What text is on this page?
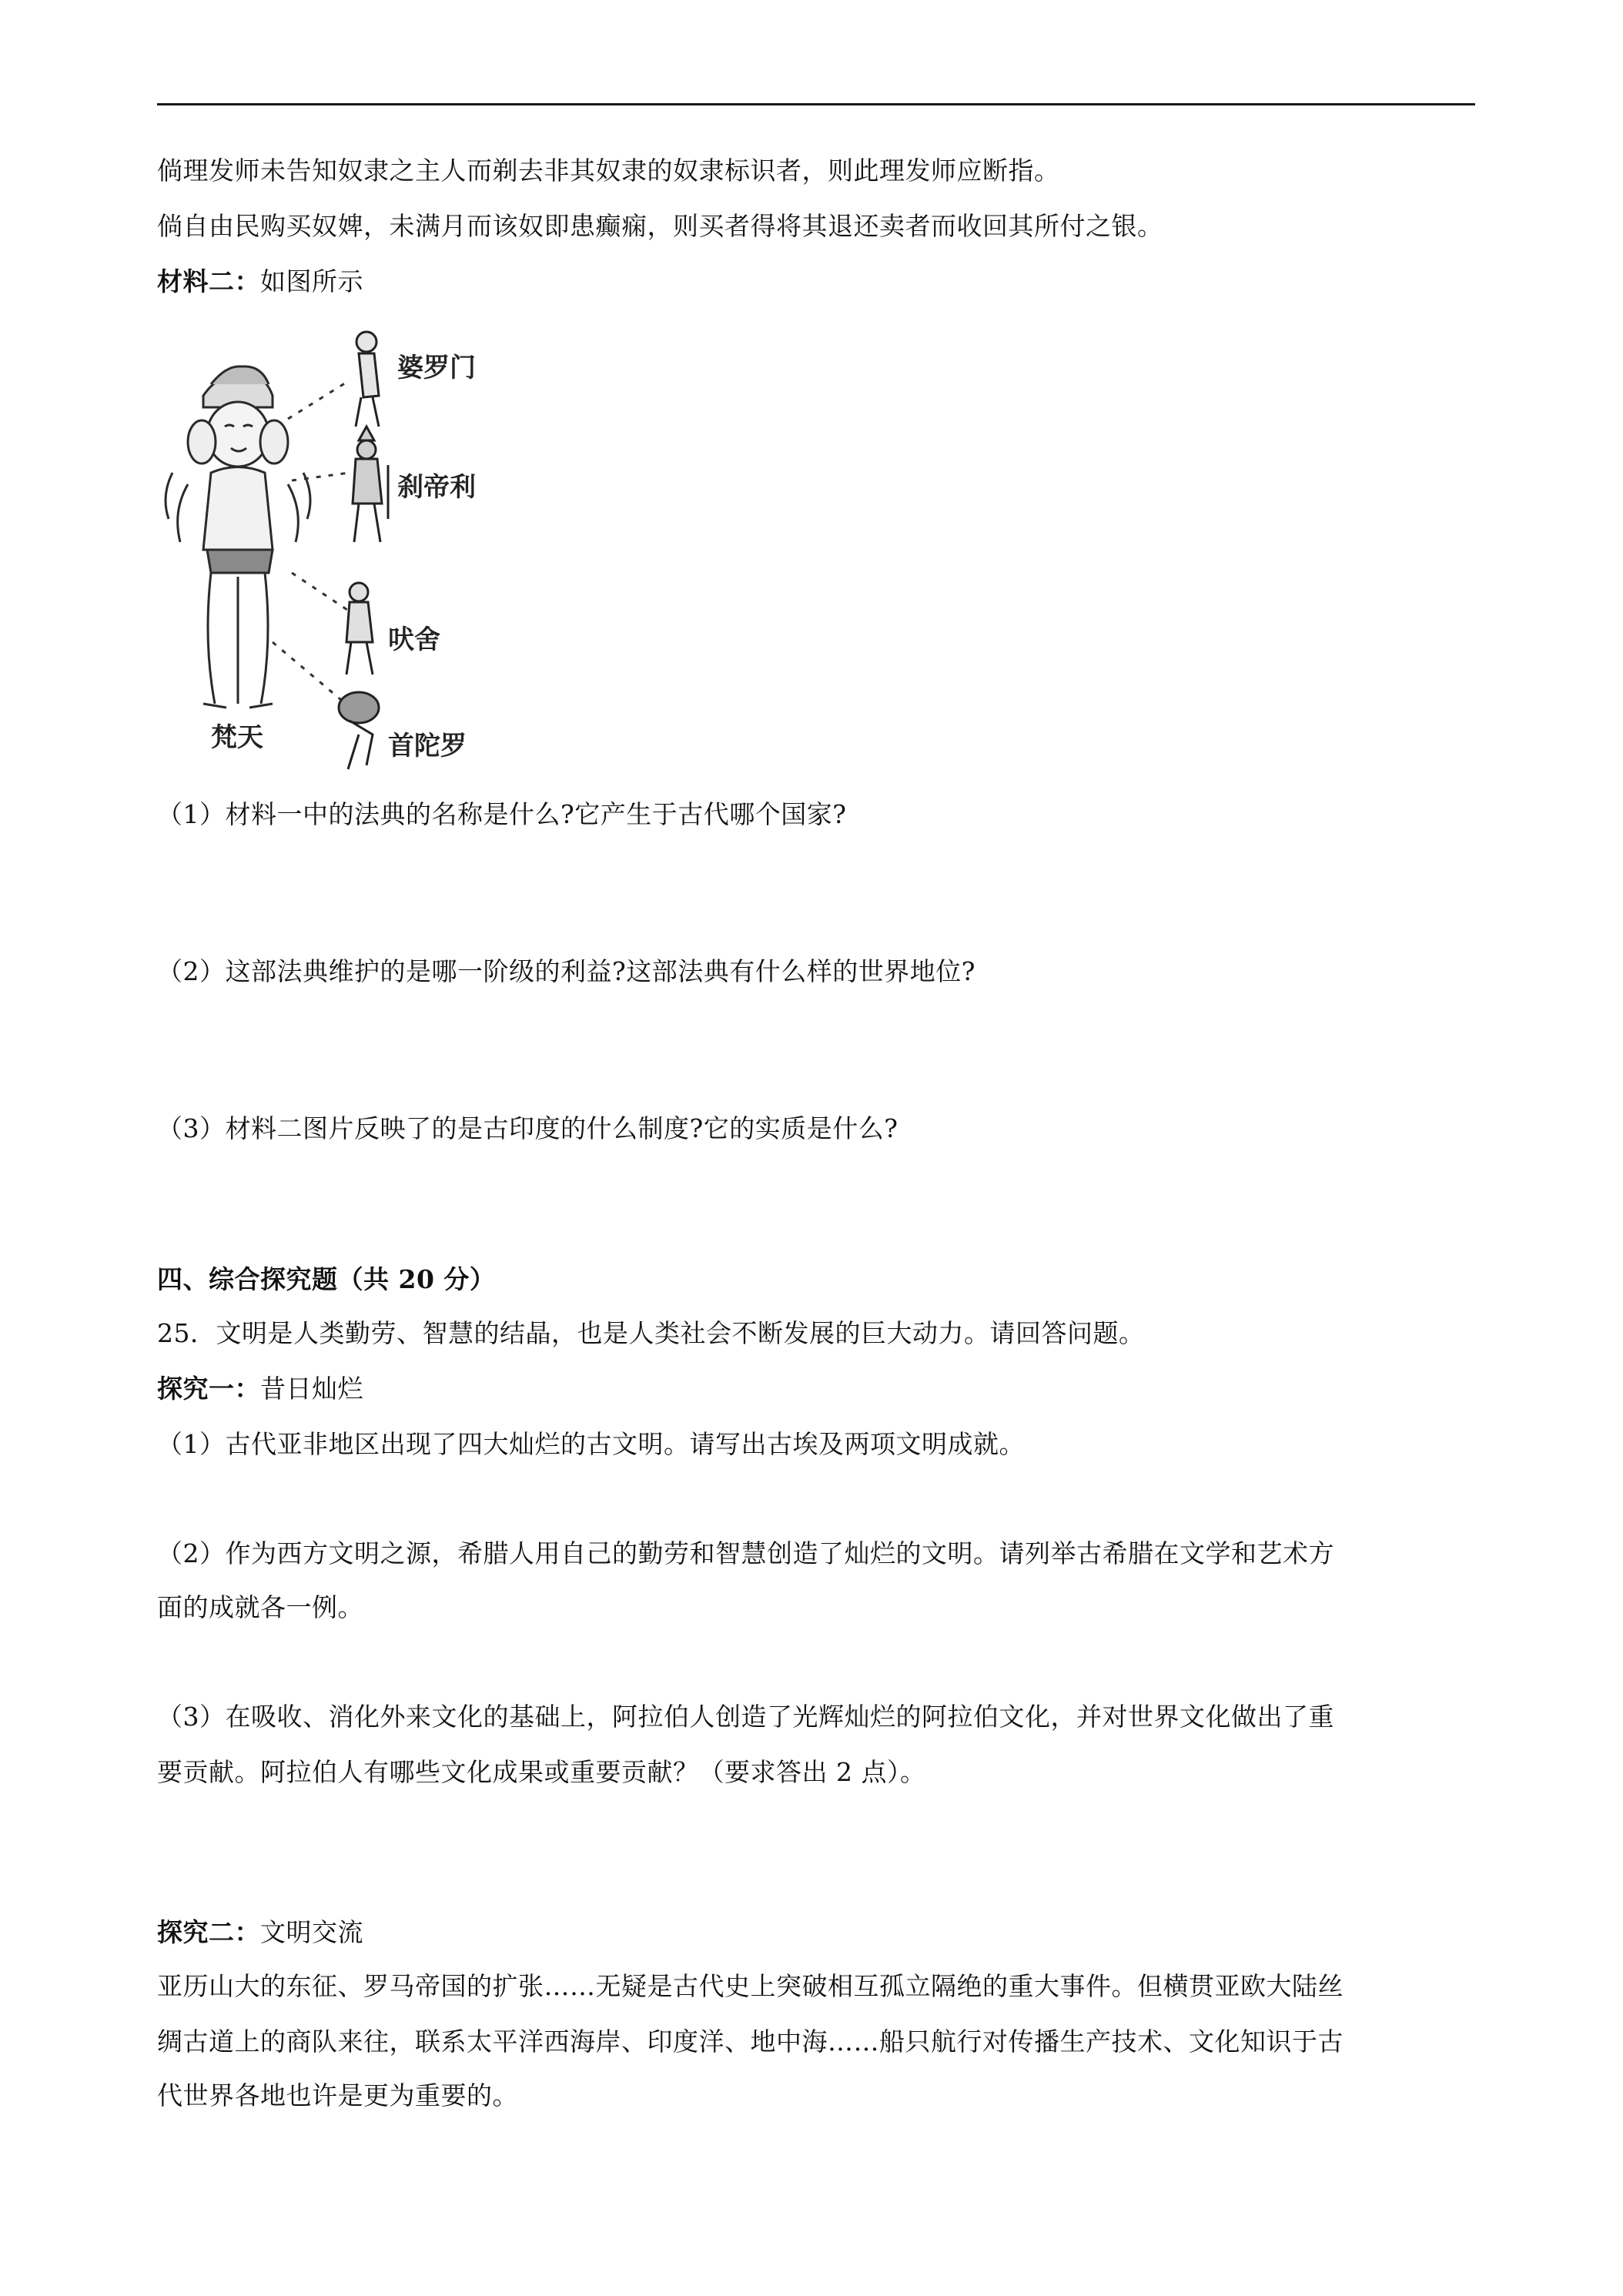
倘理发师未告知奴隶之主人而剃去非其奴隶的奴隶标识者，则此理发师应断指。
倘自由民购买奴婢，未满月而该奴即患癫痫，则买者得将其退还卖者而收回其所付之银。
材料二：如图所示
婆罗门
刹帝利
吠舍
首陀罗
梵天
（1）材料一中的法典的名称是什么?它产生于古代哪个国家?
（2）这部法典维护的是哪一阶级的利益?这部法典有什么样的世界地位?
（3）材料二图片反映了的是古印度的什么制度?它的实质是什么?
四、综合探究题（共 20 分）
25．文明是人类勤劳、智慧的结晶，也是人类社会不断发展的巨大动力。请回答问题。
探究一：昔日灿烂
（1）古代亚非地区出现了四大灿烂的古文明。请写出古埃及两项文明成就。
（2）作为西方文明之源，希腊人用自己的勤劳和智慧创造了灿烂的文明。请列举古希腊在文学和艺术方
面的成就各一例。
（3）在吸收、消化外来文化的基础上，阿拉伯人创造了光辉灿烂的阿拉伯文化，并对世界文化做出了重
要贡献。阿拉伯人有哪些文化成果或重要贡献？（要求答出 2 点）。
探究二：文明交流
亚历山大的东征、罗马帝国的扩张……无疑是古代史上突破相互孤立隔绝的重大事件。但横贯亚欧大陆丝
绸古道上的商队来往，联系太平洋西海岸、印度洋、地中海……船只航行对传播生产技术、文化知识于古
代世界各地也许是更为重要的。
